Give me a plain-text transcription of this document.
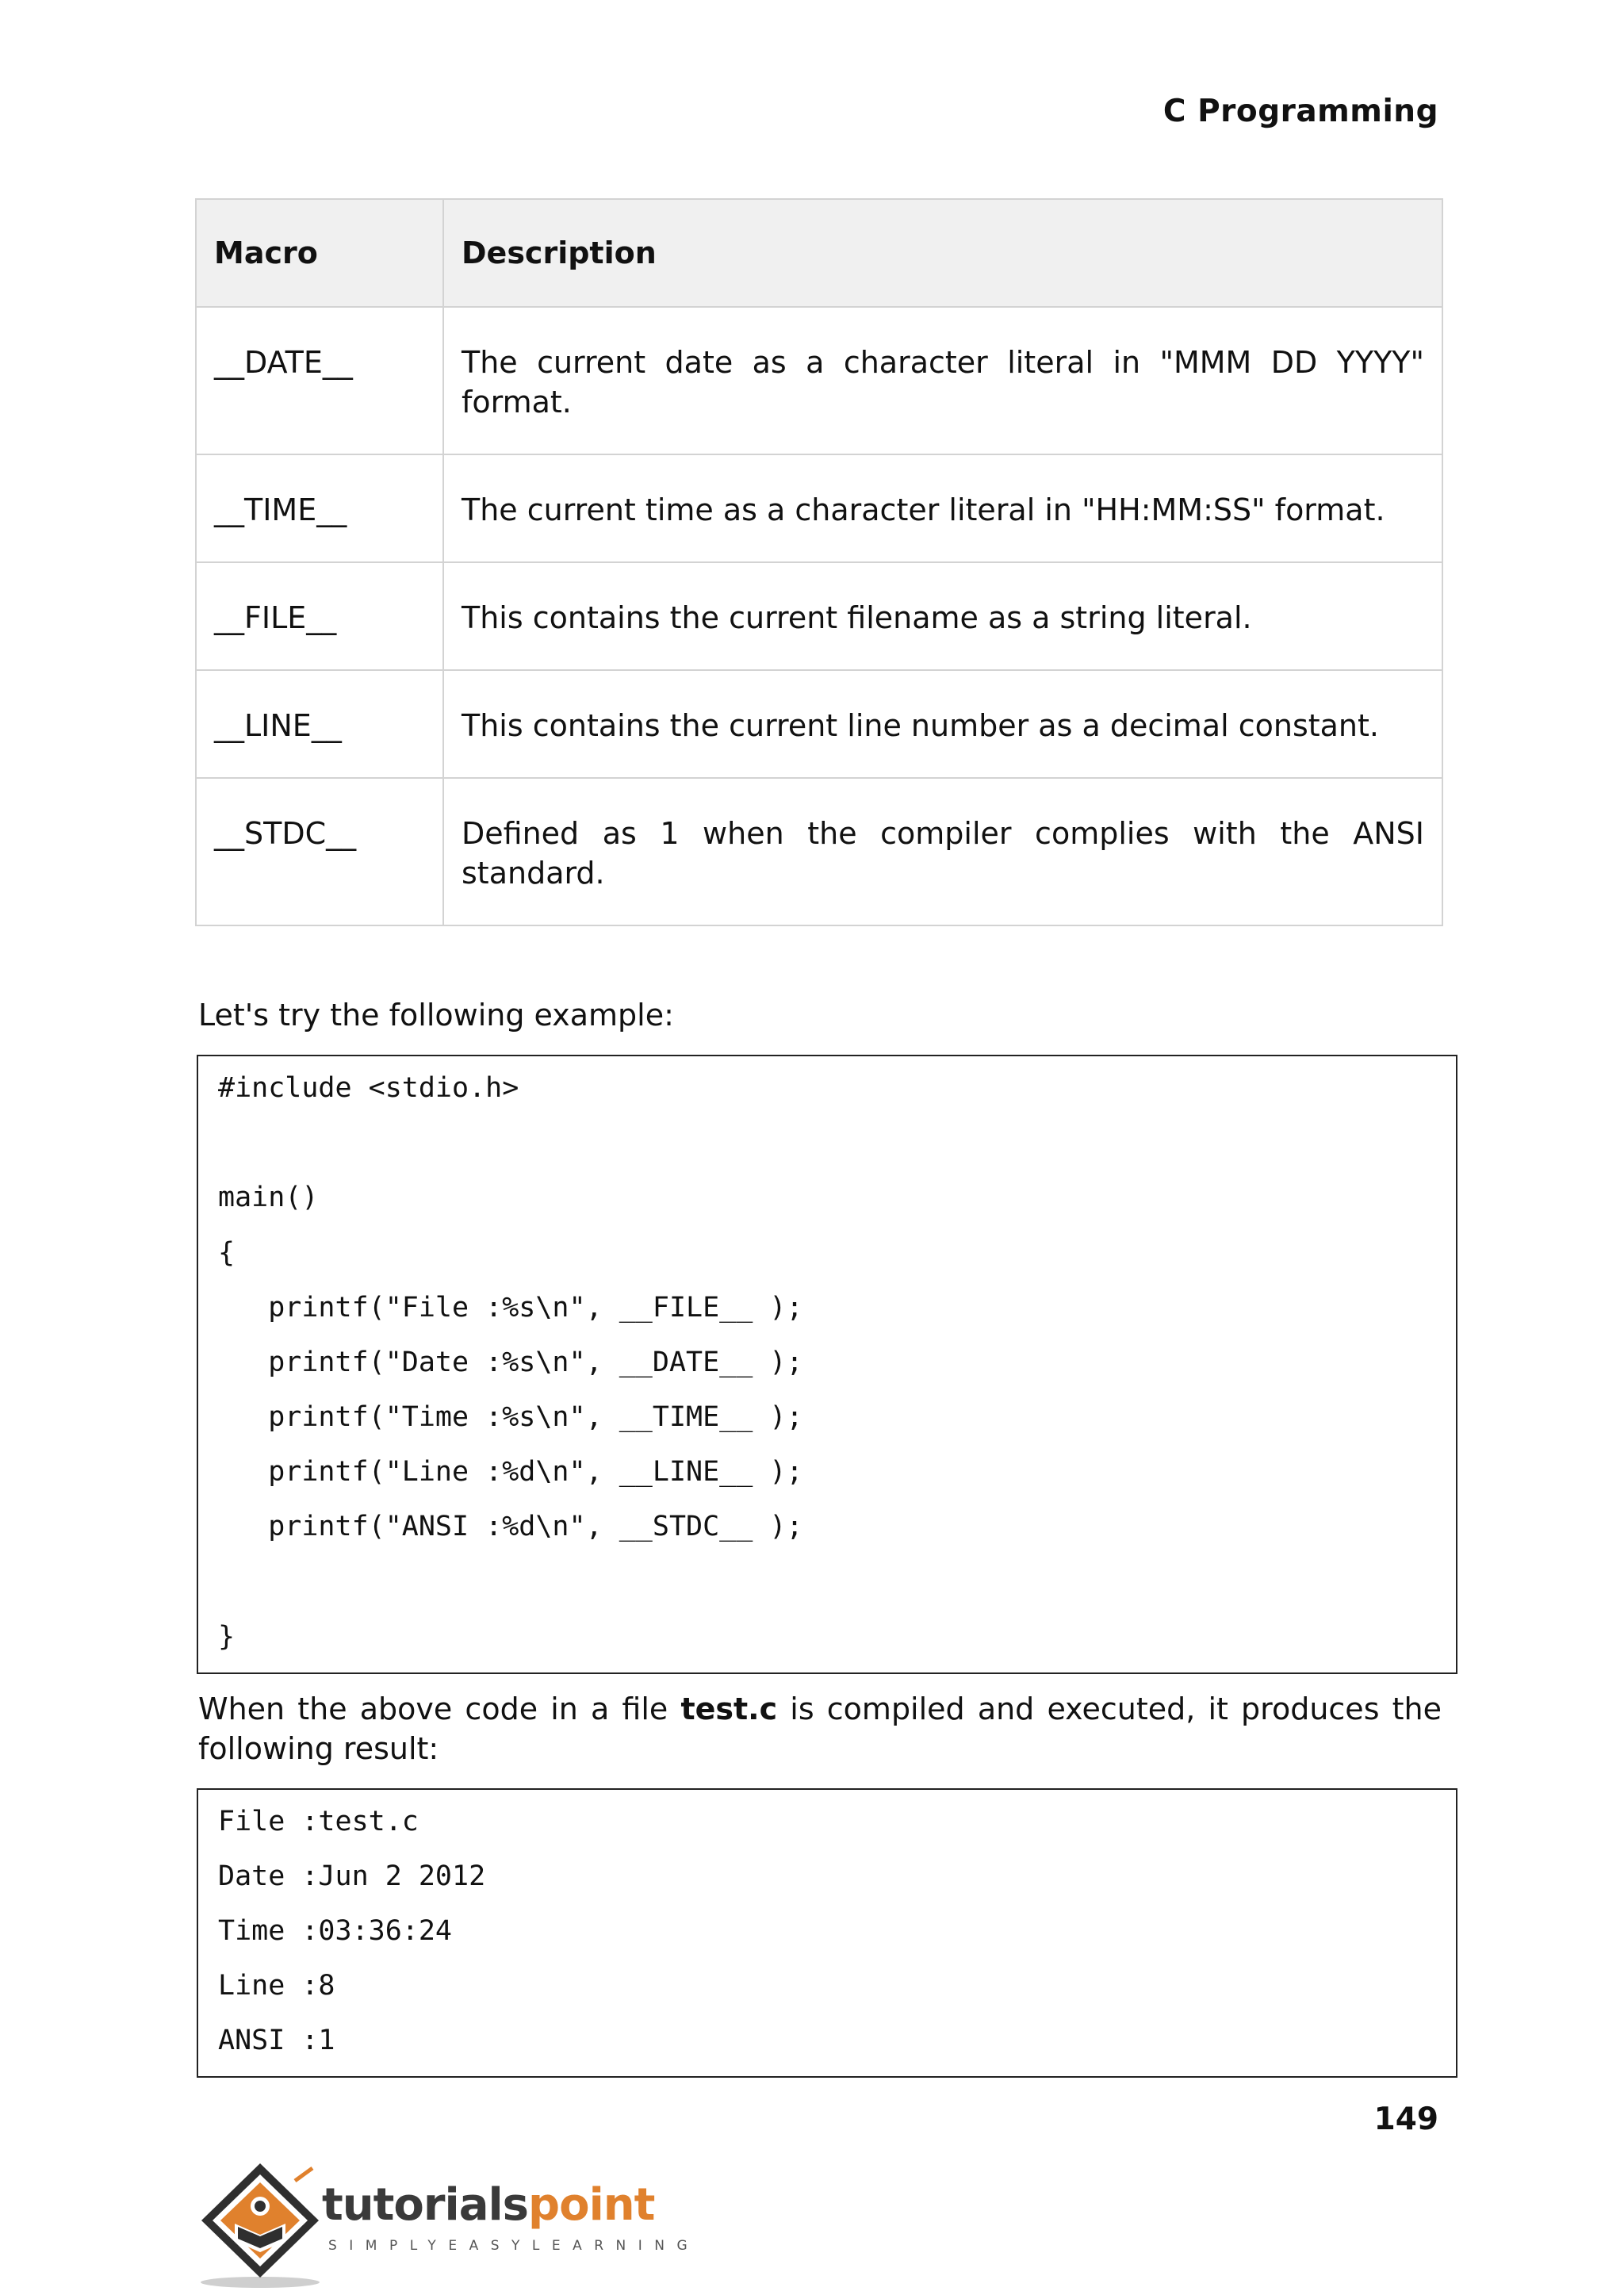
C Programming
Macro	Description
__DATE__	The current date as a character literal in "MMM DD YYYY" format.
__TIME__	The current time as a character literal in "HH:MM:SS" format.
__FILE__	This contains the current filename as a string literal.
__LINE__	This contains the current line number as a decimal constant.
__STDC__	Defined as 1 when the compiler complies with the ANSI standard.
Let's try the following example:
#include <stdio.h>
main()
{
printf("File :%s\n", __FILE__ );
printf("Date :%s\n", __DATE__ );
printf("Time :%s\n", __TIME__ );
printf("Line :%d\n", __LINE__ );
printf("ANSI :%d\n", __STDC__ );
}
When the above code in a file test.c is compiled and executed, it produces the following result:
File :test.c
Date :Jun 2 2012
Time :03:36:24
Line :8
ANSI :1
149
tutorialspoint
SIMPLYEASYLEARNING
